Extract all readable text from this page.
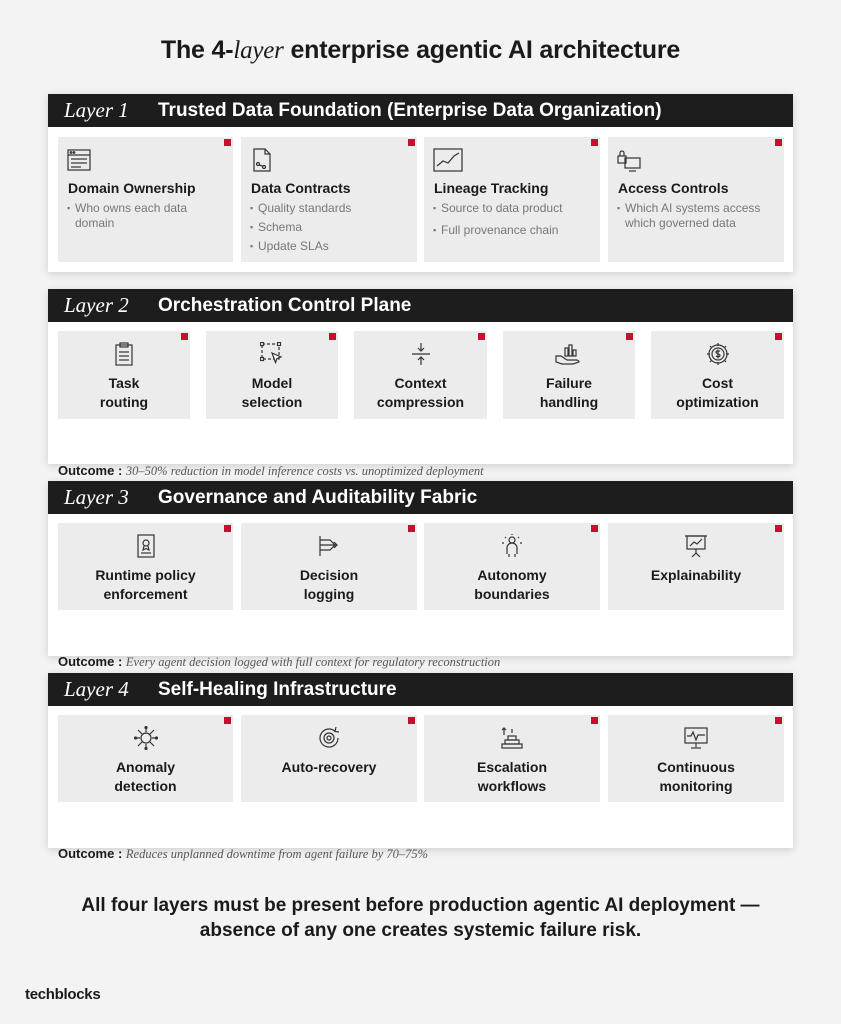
The 4-layer enterprise agentic AI architecture
Layer 1	Trusted Data Foundation (Enterprise Data Organization)
Domain Ownership
▪ Who owns each data domain
Data Contracts
▪ Quality standards
▪ Schema
▪ Update SLAs
Lineage Tracking
▪ Source to data product
▪ Full provenance chain
Access Controls
▪ Which AI systems access which governed data
Layer 2	Orchestration Control Plane
Task
routing
Model
selection
Context
compression
Failure
handling
Cost
optimization
Outcome : 30–50% reduction in model inference costs vs. unoptimized deployment
Layer 3	Governance and Auditability Fabric
Runtime policy
enforcement
Decision
logging
Autonomy
boundaries
Explainability
Outcome : Every agent decision logged with full context for regulatory reconstruction
Layer 4	Self-Healing Infrastructure
Anomaly
detection
Auto-recovery	Escalation
workflows
Continuous
monitoring
Outcome : Reduces unplanned downtime from agent failure by 70–75%
All four layers must be present before production agentic AI deployment —
absence of any one creates systemic failure risk.
techblocks
